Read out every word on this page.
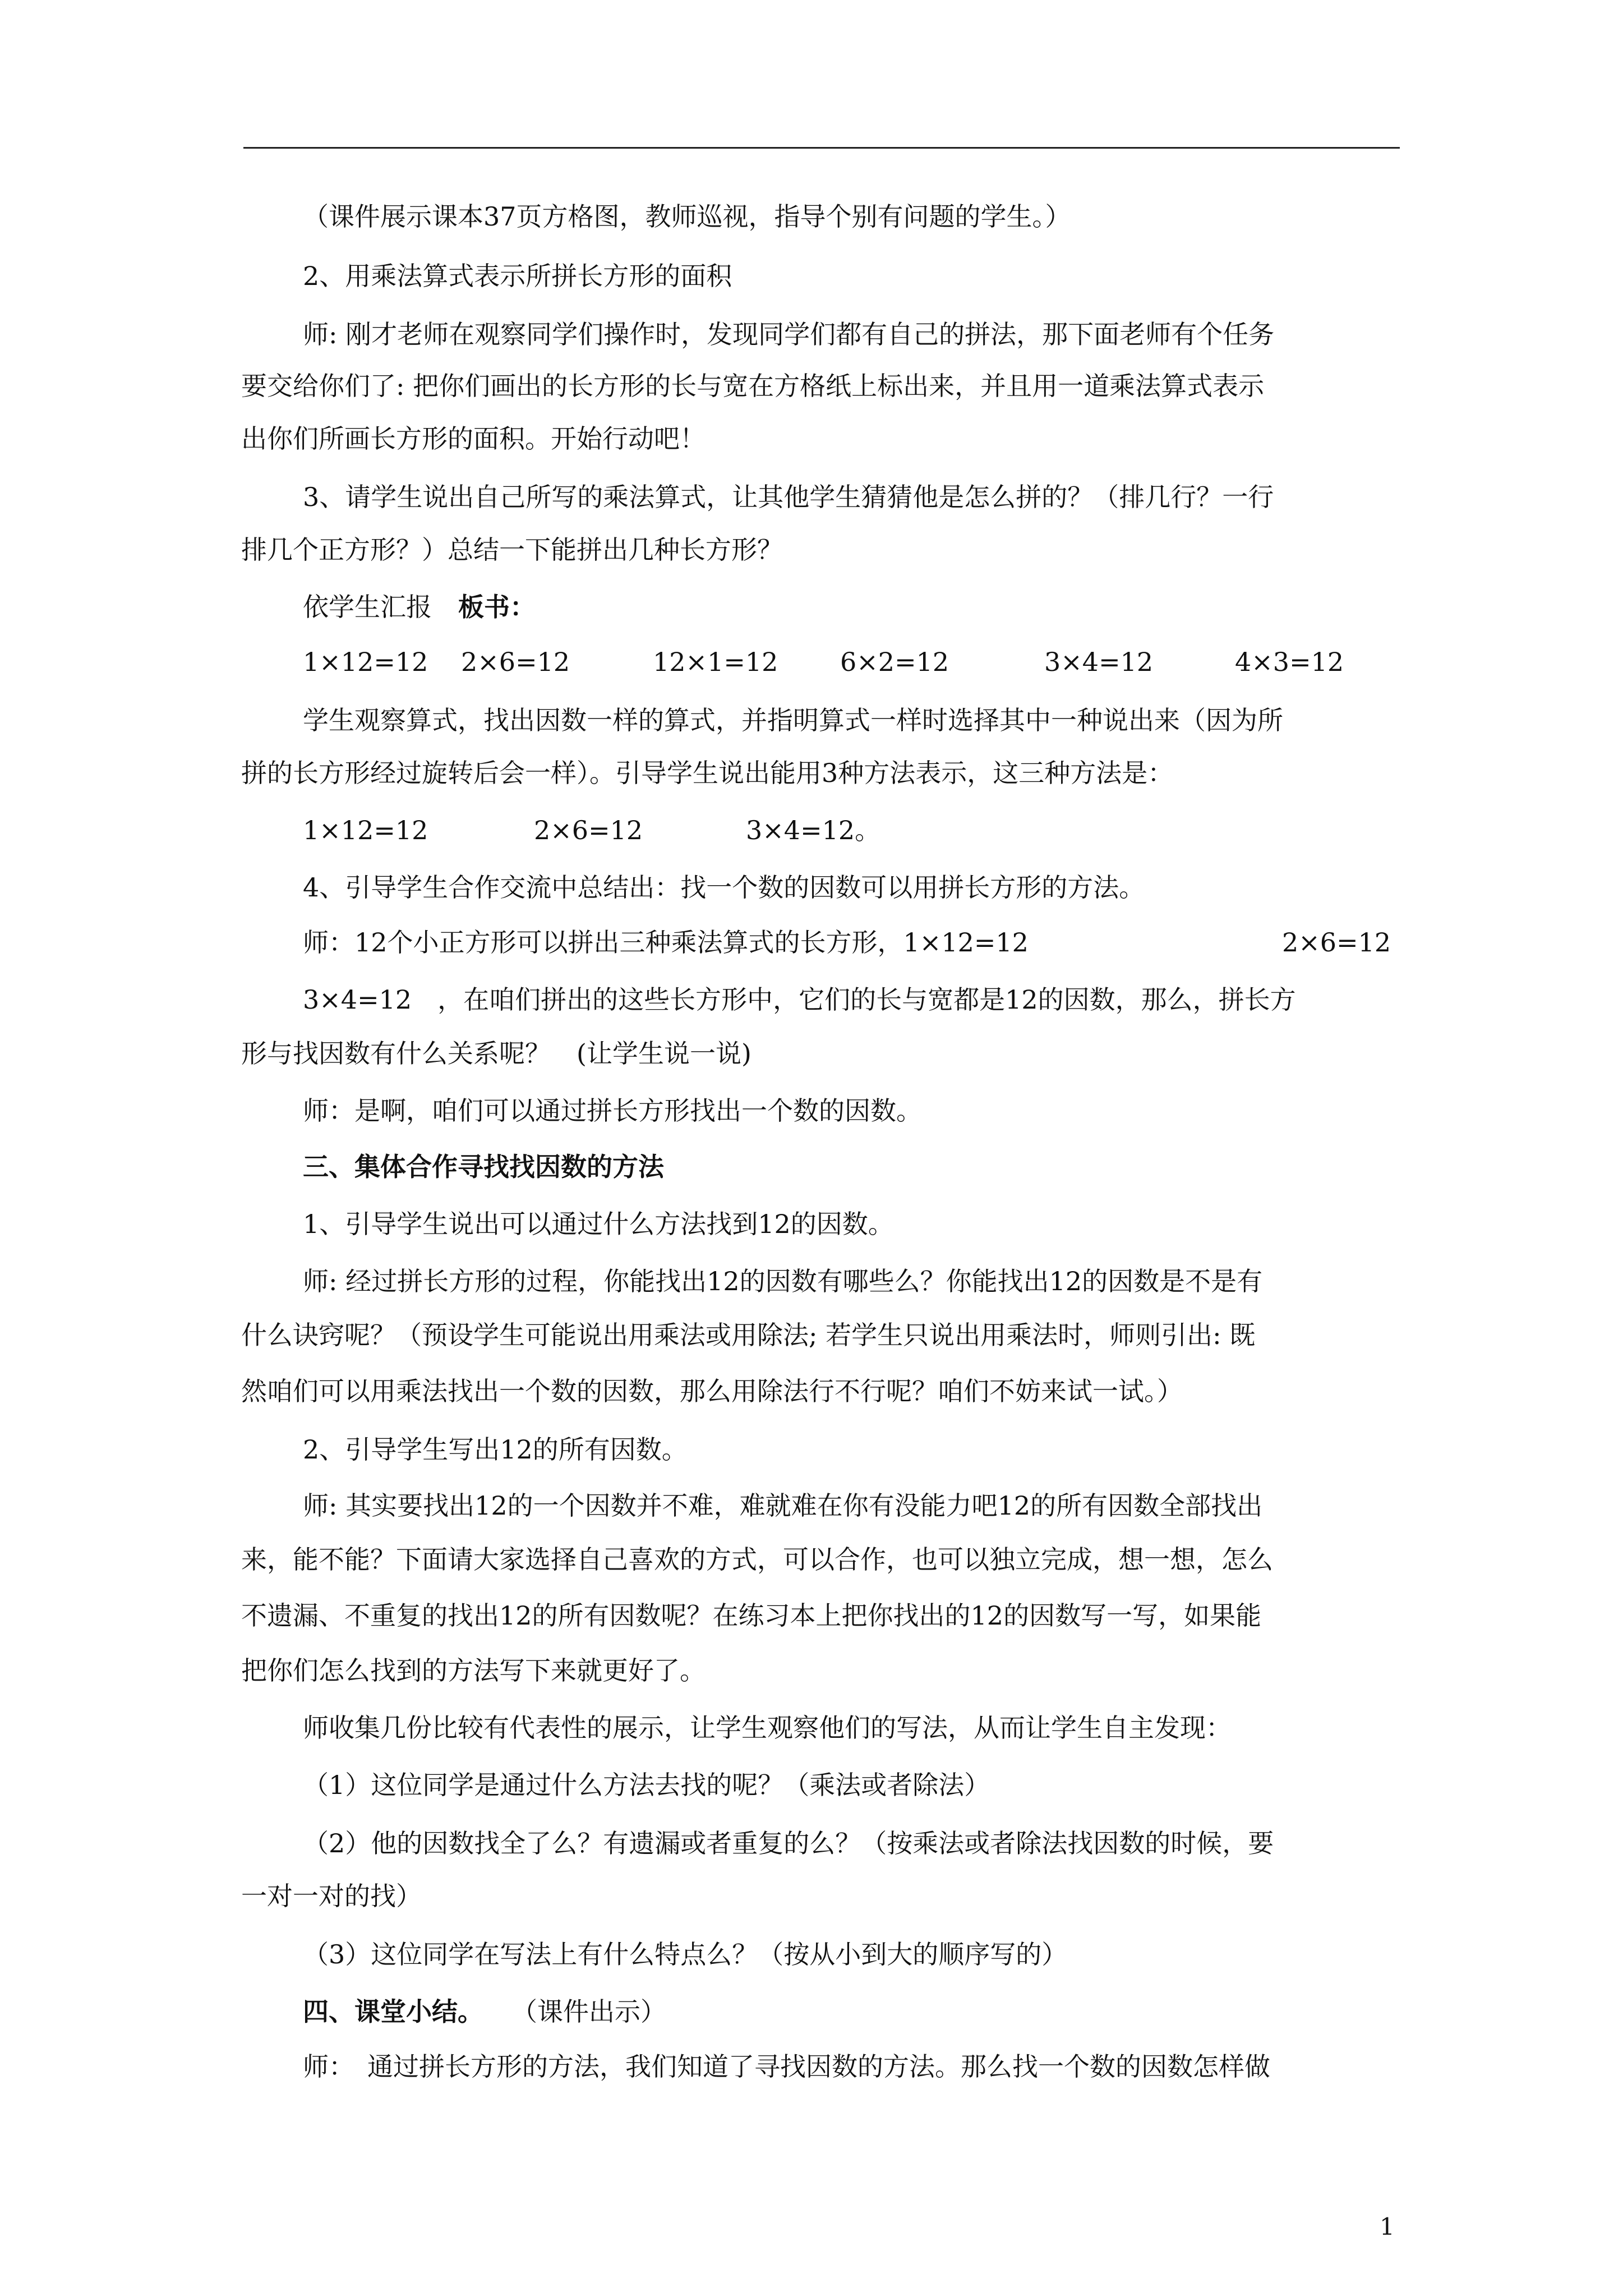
（课件展示课本37页方格图，教师巡视，指导个别有问题的学生。）
2、用乘法算式表示所拼长方形的面积
师: 刚才老师在观察同学们操作时，发现同学们都有自己的拼法，那下面老师有个任务
要交给你们了: 把你们画出的长方形的长与宽在方格纸上标出来，并且用一道乘法算式表示
出你们所画长方形的面积。开始行动吧！
3、请学生说出自己所写的乘法算式，让其他学生猜猜他是怎么拼的？（排几行？一行
排几个正方形？）总结一下能拼出几种长方形？
依学生汇报 板书：
1×12=12 2×6=12	12×1=12 6×2=12	3×4=12	4×3=12
学生观察算式，找出因数一样的算式，并指明算式一样时选择其中一种说出来（因为所
拼的长方形经过旋转后会一样）。引导学生说出能用3种方法表示，这三种方法是：
1×12=12	2×6=12	3×4=12。
4、引导学生合作交流中总结出：找一个数的因数可以用拼长方形的方法。
师：12个小正方形可以拼出三种乘法算式的长方形，1×12=12	2×6=12
3×4=12　，在咱们拼出的这些长方形中，它们的长与宽都是12的因数，那么，拼长方
形与找因数有什么关系呢？　(让学生说一说)
师：是啊，咱们可以通过拼长方形找出一个数的因数。
三、集体合作寻找找因数的方法
1、引导学生说出可以通过什么方法找到12的因数。
师: 经过拼长方形的过程，你能找出12的因数有哪些么？你能找出12的因数是不是有
什么诀窍呢？（预设学生可能说出用乘法或用除法; 若学生只说出用乘法时，师则引出: 既
然咱们可以用乘法找出一个数的因数，那么用除法行不行呢？咱们不妨来试一试。）
2、引导学生写出12的所有因数。
师: 其实要找出12的一个因数并不难，难就难在你有没能力吧12的所有因数全部找出
来，能不能？下面请大家选择自己喜欢的方式，可以合作，也可以独立完成，想一想，怎么
不遗漏、不重复的找出12的所有因数呢？在练习本上把你找出的12的因数写一写，如果能
把你们怎么找到的方法写下来就更好了。
师收集几份比较有代表性的展示，让学生观察他们的写法，从而让学生自主发现：
（1）这位同学是通过什么方法去找的呢？（乘法或者除法）
（2）他的因数找全了么？有遗漏或者重复的么？（按乘法或者除法找因数的时候，要
一对一对的找）
（3）这位同学在写法上有什么特点么？（按从小到大的顺序写的）
四、课堂小结。 （课件出示）
师：　通过拼长方形的方法，我们知道了寻找因数的方法。那么找一个数的因数怎样做
1
